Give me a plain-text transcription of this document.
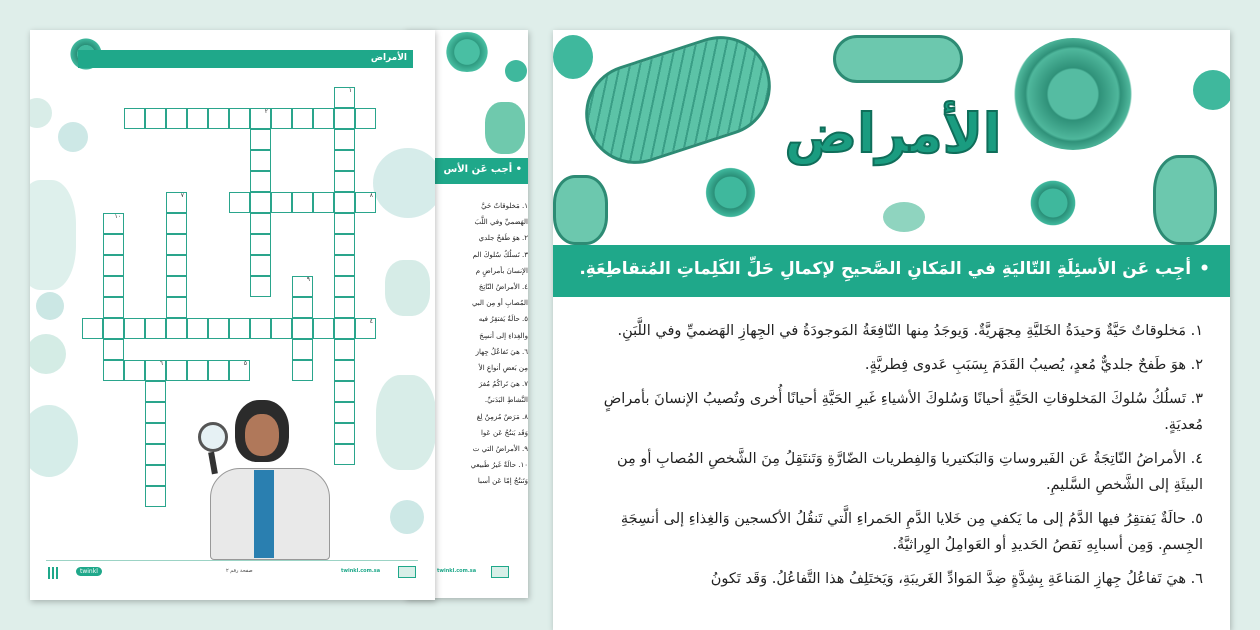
الأمراض
٢
١
٨
٧
١٠
٩
٤
٦	٥
twinkl	صفحة رقم ٢	twinkl.com.sa
• أجب عَن الأس
١. مَخلوقاتٌ حَيَّ
الهَضميِّ وفي اللَّبَ
٢. هوَ طَفحٌ جلدي
٣. تَسلُكُ سُلوكَ الم
الإنسانَ بأمراضٍ م
٤. الأمراضُ النّاتِجَ
المُصابِ أو مِن البي
٥. حالَةٌ يَفتقِرُ فيه
والغِذاءِ إلى أنسِجَ
٦. هيَ تَفاعُلُ جِهاز
مِن بَعضِ أنواعِ الأ
٧. هيَ تَراكُمُ مُفرَ
النَّشاطِ البَدَنيِّ.
٨. مَرَضٌ مُزمِنٌ لِغ
وَقَد يَنتُجُ عَن عَوا
٩. الأمراضُ التي ت
١٠. حالَةٌ غَيرُ طَبيعي
وَتَنتُجُ إمّا عَن أسبا
twinkl.com.sa
الأمراض
•أجِب عَن الأسئِلَةِ التّاليَةِ في المَكانِ الصَّحيحِ لإكمالِ حَلِّ الكَلِماتِ المُتقاطِعَةِ.

١. مَخلوقاتٌ حَيَّةٌ وَحيدَةُ الخَليَّةِ مِجهَريَّةٌ. وَيوجَدُ مِنها النّافِعَةُ المَوجودَةُ في الجِهازِ الهَضميِّ وفي اللَّبَنِ.

٢. هوَ طَفحٌ جلديٌّ مُعدٍ، يُصيبُ القَدَمَ بِسَبَبِ عَدوى فِطريَّةٍ.

٣. تَسلُكُ سُلوكَ المَخلوقاتِ الحَيَّةِ أحيانًا وَسُلوكَ الأشياءِ غَيرِ الحَيَّةِ أحيانًا أُخرى وتُصيبُ الإنسانَ بأمراضٍ مُعديَةٍ.

٤. الأمراضُ النّاتِجَةُ عَن الفَيروساتِ وَالبَكتيريا وَالفِطريات الضّارَّةِ وَتَنتَقِلُ مِنَ الشَّخصِ المُصابِ أو مِن البيئَةِ إلى الشَّخصِ السَّليمِ.

٥. حالَةٌ يَفتقِرُ فيها الدَّمُ إلى ما يَكفي مِن خَلايا الدَّمِ الحَمراءِ الَّتي تَنقُلُ الأكسجين وَالغِذاءِ إلى أنسِجَةِ الجِسمِ. وَمِن أسبابِهِ نَقصُ الحَديدِ أو العَوامِلُ الوِراثيَّةُ.

٦. هيَ تَفاعُلُ جِهازِ المَناعَةِ بِشِدَّةٍ ضِدَّ المَوادِّ الغَريبَةِ، وَيَختَلِفُ هذا التَّفاعُلُ. وَقَد تَكونُ
